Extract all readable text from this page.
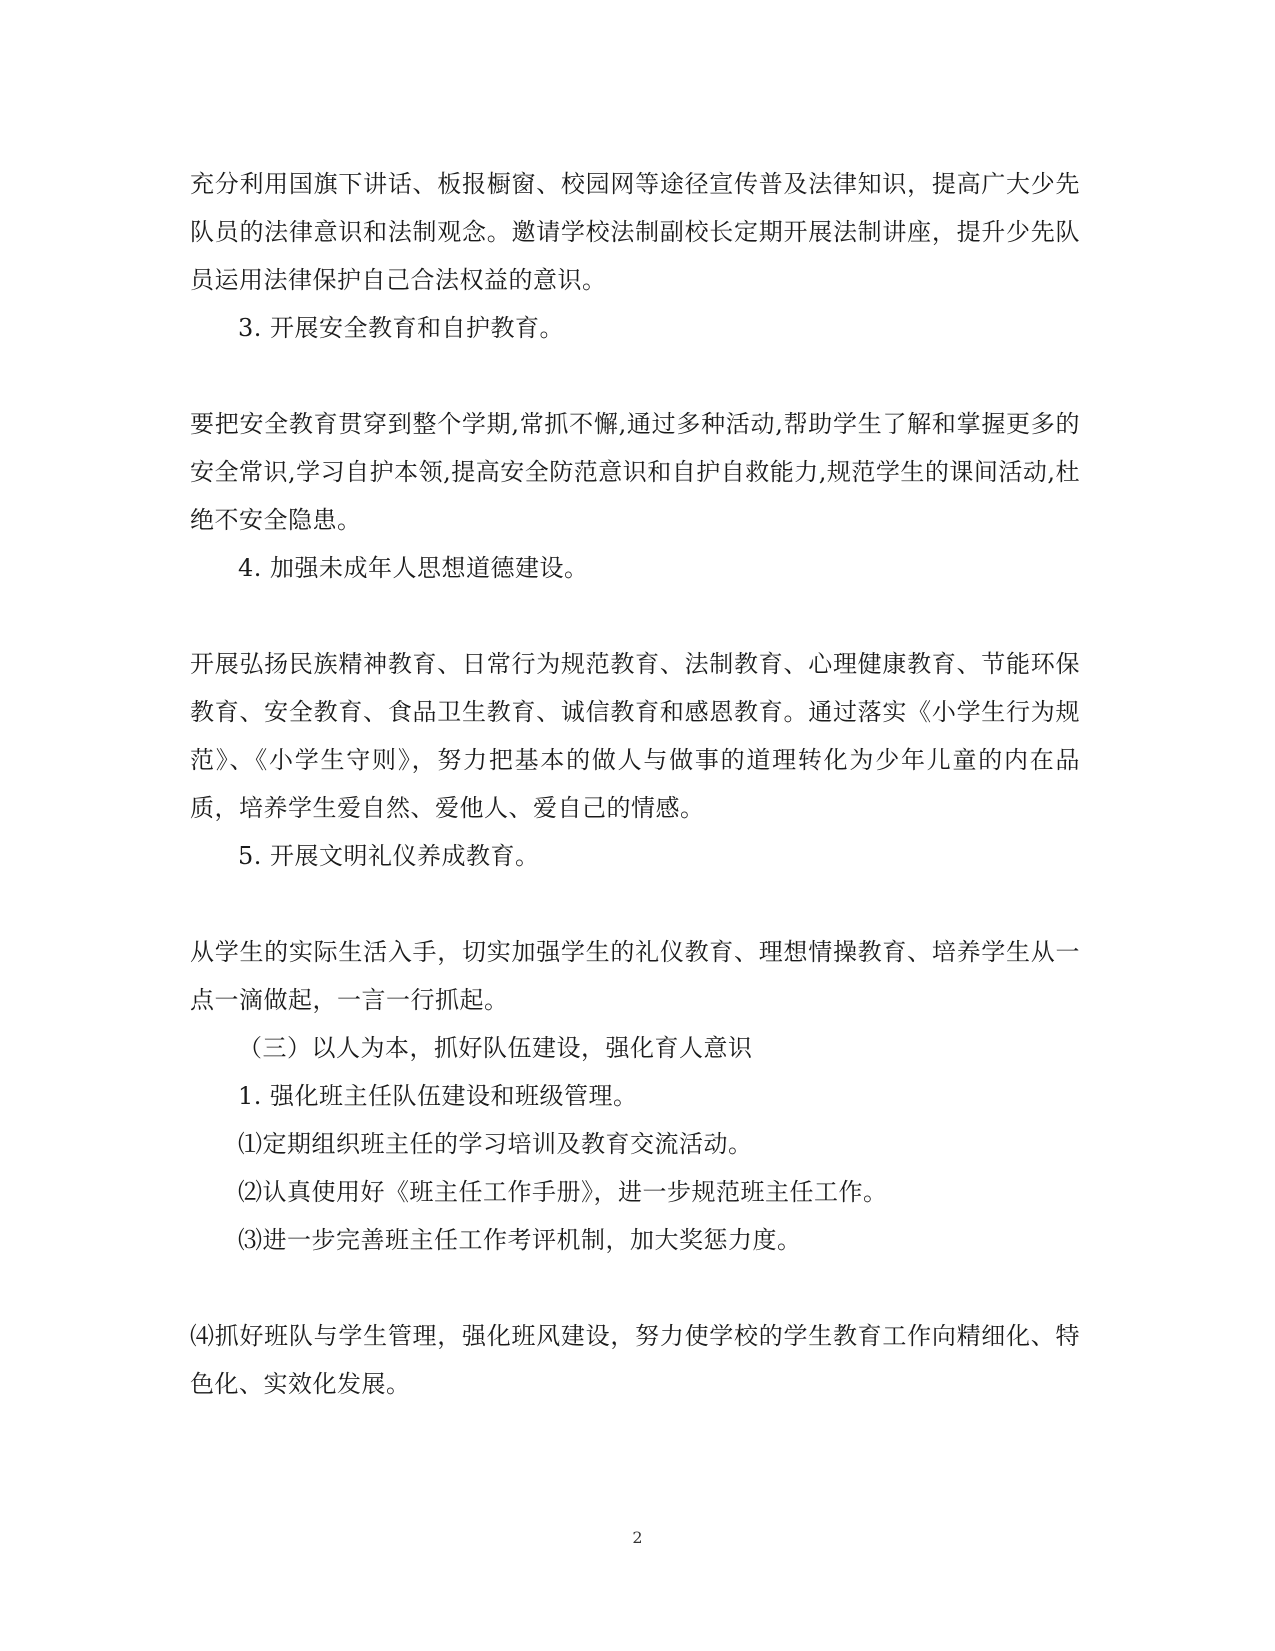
充分利用国旗下讲话、板报橱窗、校园网等途径宣传普及法律知识，提高广大少先队员的法律意识和法制观念。邀请学校法制副校长定期开展法制讲座，提升少先队员运用法律保护自己合法权益的意识。

3. 开展安全教育和自护教育。

要把安全教育贯穿到整个学期,常抓不懈,通过多种活动,帮助学生了解和掌握更多的安全常识,学习自护本领,提高安全防范意识和自护自救能力,规范学生的课间活动,杜绝不安全隐患。

4. 加强未成年人思想道德建设。

开展弘扬民族精神教育、日常行为规范教育、法制教育、心理健康教育、节能环保教育、安全教育、食品卫生教育、诚信教育和感恩教育。通过落实《小学生行为规范》、《小学生守则》，努力把基本的做人与做事的道理转化为少年儿童的内在品质，培养学生爱自然、爱他人、爱自己的情感。

5. 开展文明礼仪养成教育。

从学生的实际生活入手，切实加强学生的礼仪教育、理想情操教育、培养学生从一点一滴做起，一言一行抓起。

（三）以人为本，抓好队伍建设，强化育人意识

1. 强化班主任队伍建设和班级管理。

⑴定期组织班主任的学习培训及教育交流活动。

⑵认真使用好《班主任工作手册》，进一步规范班主任工作。

⑶进一步完善班主任工作考评机制，加大奖惩力度。

⑷抓好班队与学生管理，强化班风建设，努力使学校的学生教育工作向精细化、特色化、实效化发展。

2
